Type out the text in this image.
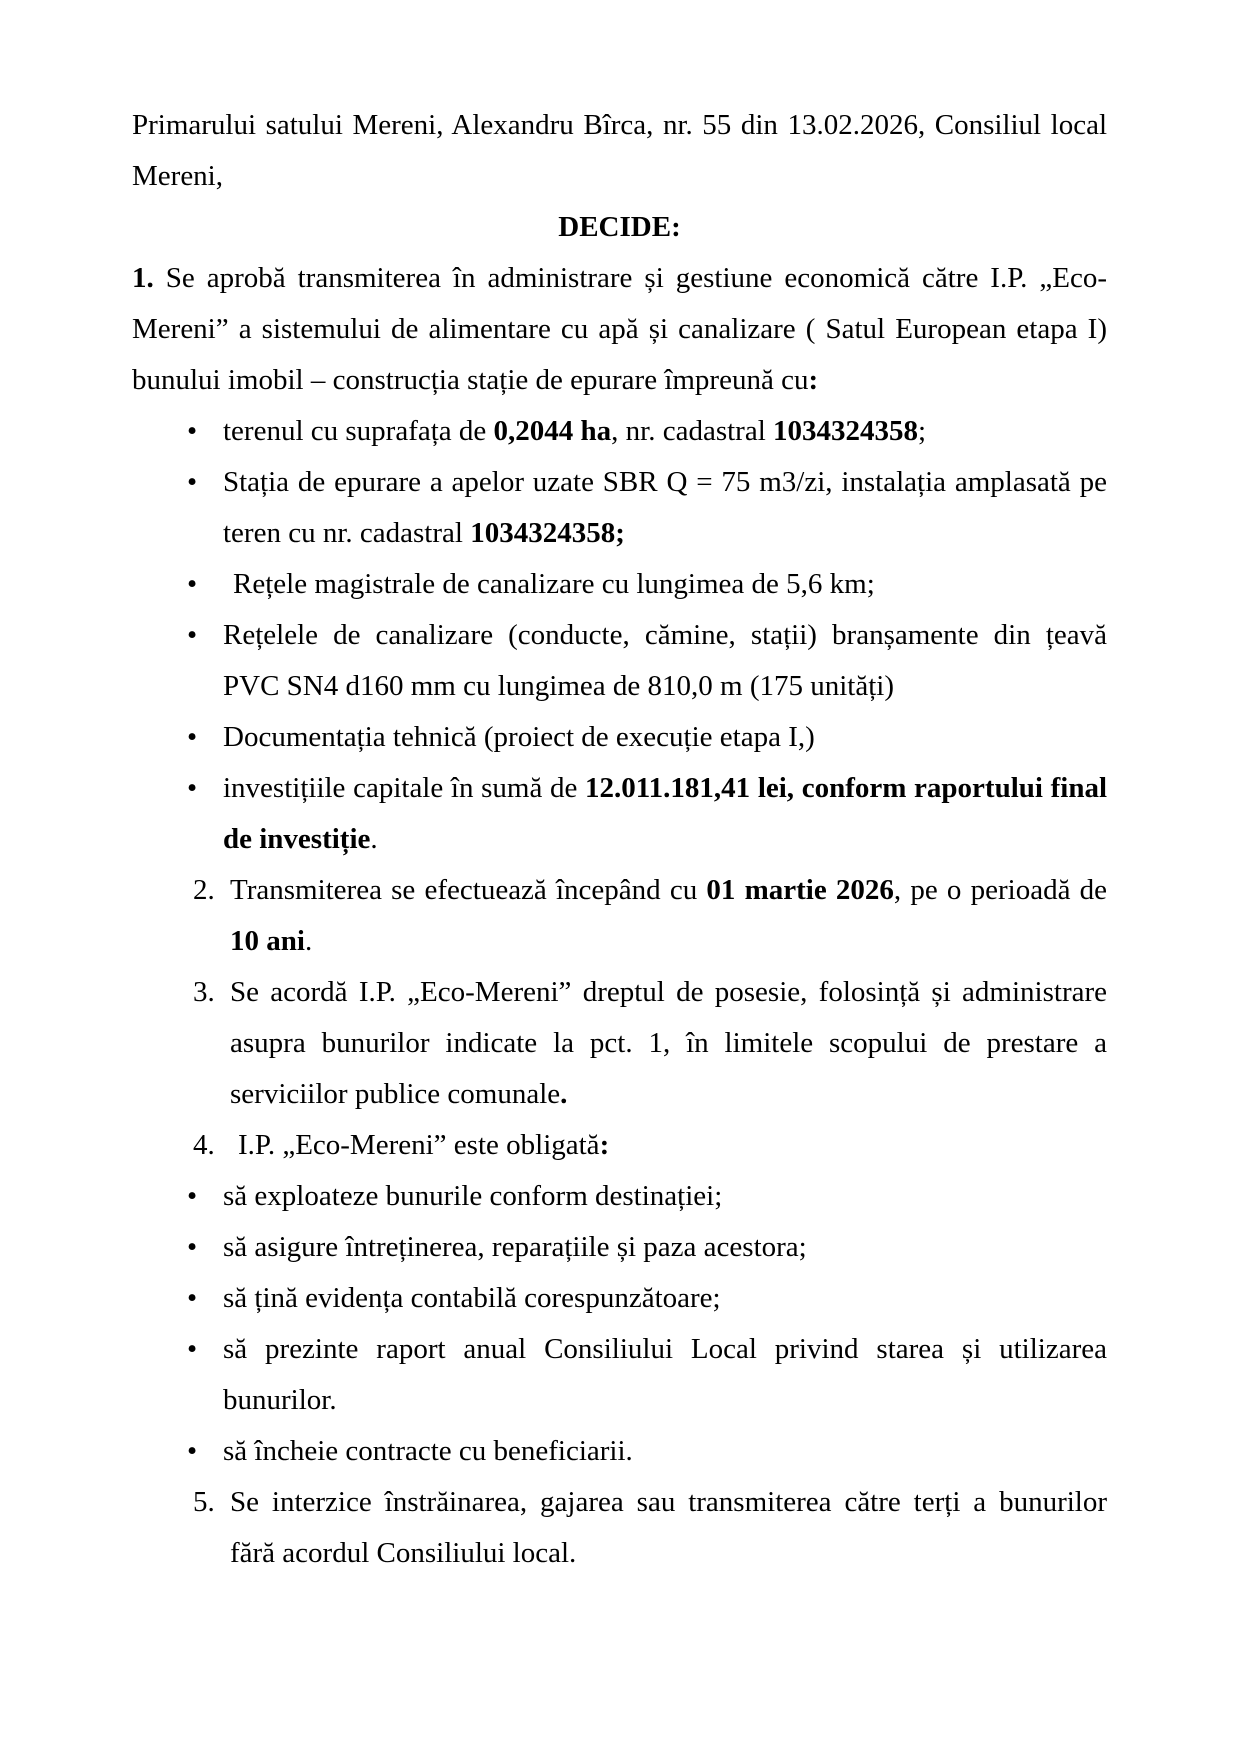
Primarului satului Mereni, Alexandru Bîrca, nr. 55 din 13.02.2026, Consiliul local Mereni,
DECIDE:
1. Se aprobă transmiterea în administrare și gestiune economică către I.P. „Eco-Mereni” a sistemului de alimentare cu apă și canalizare ( Satul European etapa I) bunului imobil – construcția stație de epurare împreună cu:
• terenul cu suprafața de 0,2044 ha, nr. cadastral 1034324358;
• Stația de epurare a apelor uzate SBR Q = 75 m3/zi, instalația amplasată pe teren cu nr. cadastral 1034324358;
• Rețele magistrale de canalizare cu lungimea de 5,6 km;
• Rețelele de canalizare (conducte, cămine, stații) branșamente din țeavă PVC SN4 d160 mm cu lungimea de 810,0 m (175 unități)
• Documentația tehnică (proiect de execuție etapa I,)
• investițiile capitale în sumă de 12.011.181,41 lei, conform raportului final de investiție.
2. Transmiterea se efectuează începând cu 01 martie 2026, pe o perioadă de 10 ani.
3. Se acordă I.P. „Eco-Mereni” dreptul de posesie, folosință și administrare asupra bunurilor indicate la pct. 1, în limitele scopului de prestare a serviciilor publice comunale.
4. I.P. „Eco-Mereni” este obligată:
• să exploateze bunurile conform destinației;
• să asigure întreținerea, reparațiile și paza acestora;
• să țină evidența contabilă corespunzătoare;
• să prezinte raport anual Consiliului Local privind starea și utilizarea bunurilor.
• să încheie contracte cu beneficiarii.
5. Se interzice înstrăinarea, gajarea sau transmiterea către terți a bunurilor fără acordul Consiliului local.
